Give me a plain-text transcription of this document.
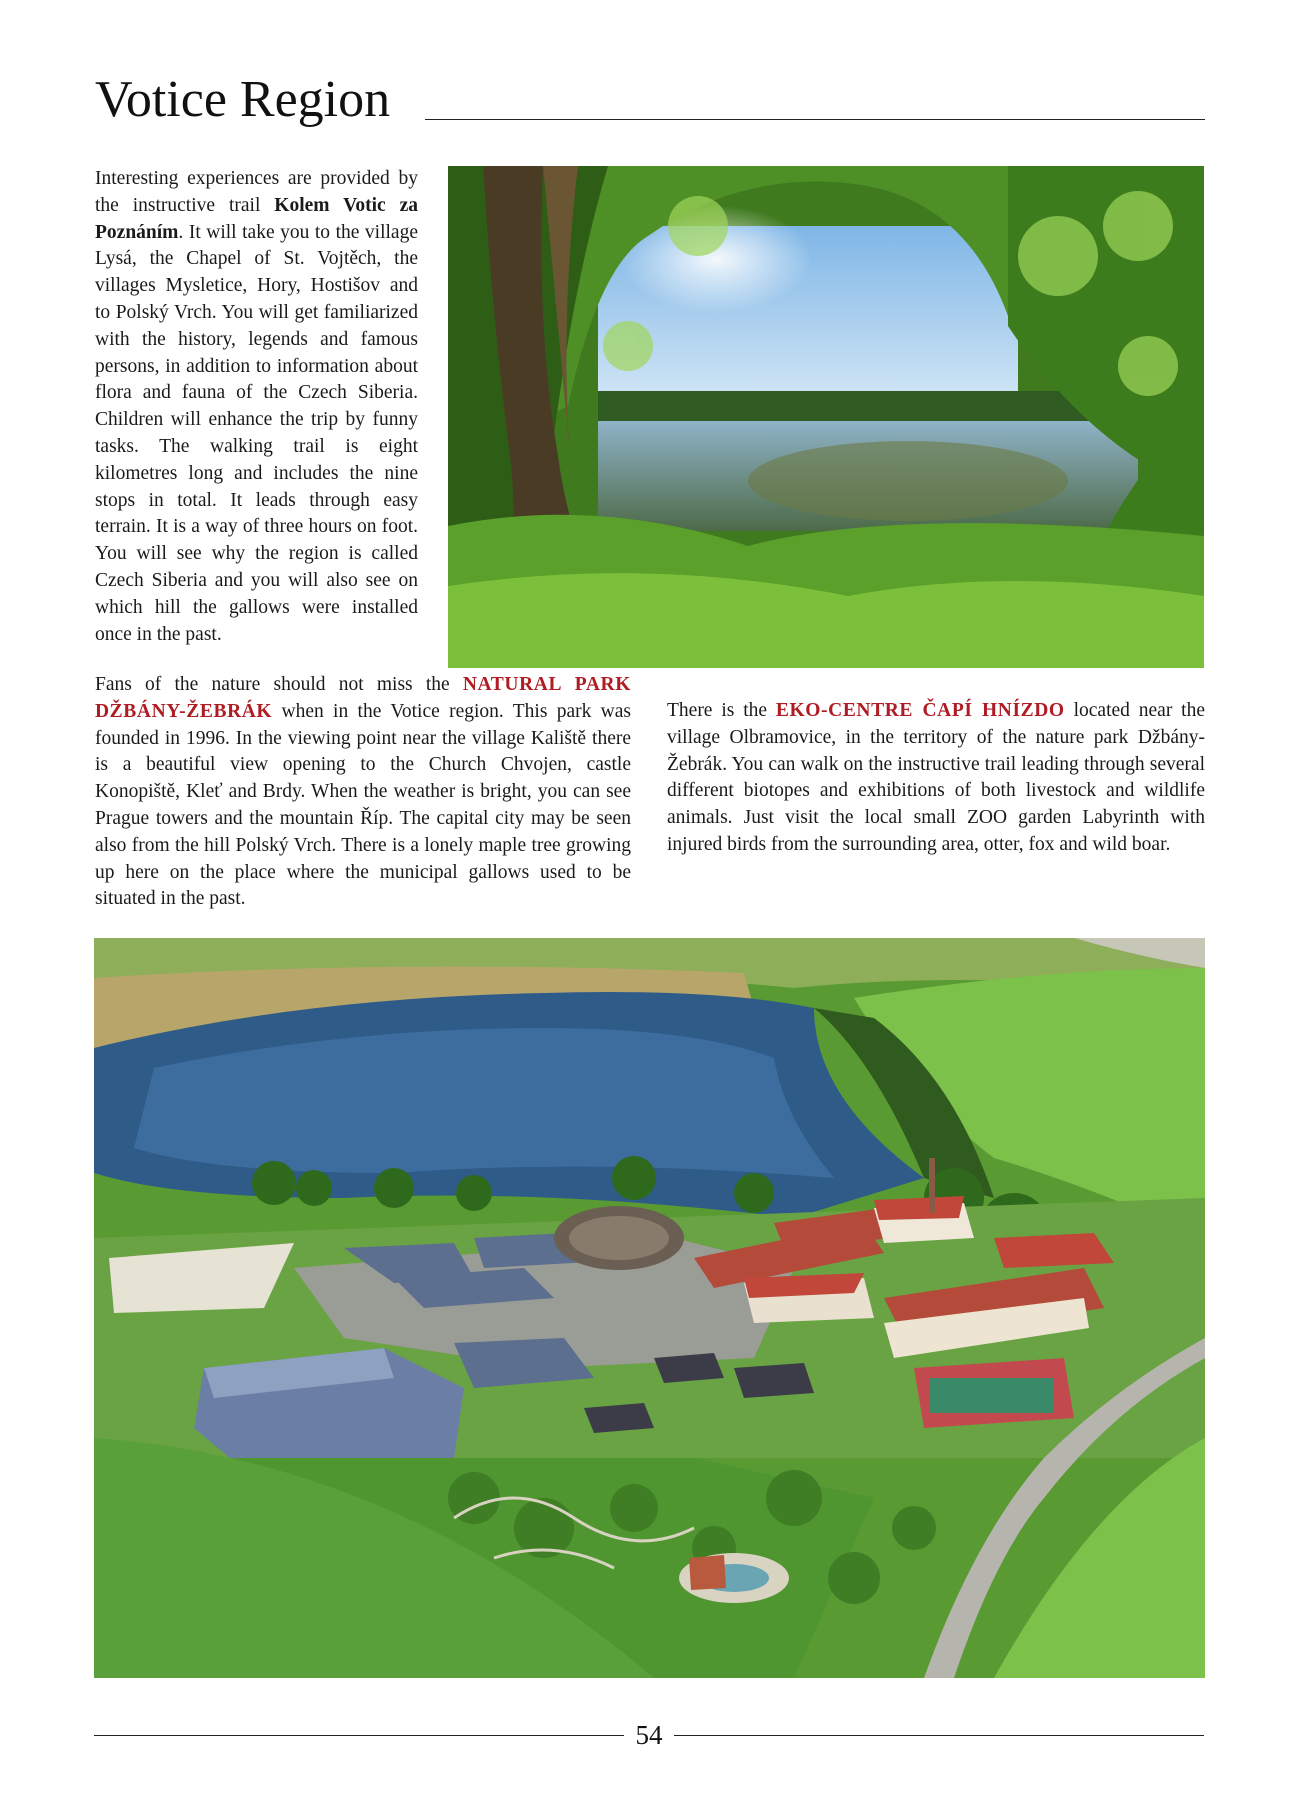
Votice Region

Interesting experiences are provided by the instructive trail Kolem Votic za Poznáním. It will take you to the village Lysá, the Chapel of St. Vojtěch, the villages Mysletice, Hory, Hostišov and to Polský Vrch. You will get familiarized with the history, legends and famous persons, in addition to information about flora and fauna of the Czech Siberia. Children will enhance the trip by funny tasks. The walking trail is eight kilometres long and includes the nine stops in total. It leads through easy terrain. It is a way of three hours on foot. You will see why the region is called Czech Siberia and you will also see on which hill the gallows were installed once in the past.

Fans of the nature should not miss the NATURAL PARK DŽBÁNY-ŽEBRÁK when in the Votice region. This park was founded in 1996. In the viewing point near the village Kaliště there is a beautiful view opening to the Church Chvojen, castle Konopiště, Kleť and Brdy. When the weather is bright, you can see Prague towers and the mountain Říp. The capital city may be seen also from the hill Polský Vrch. There is a lonely maple tree growing up here on the place where the municipal gallows used to be situated in the past.

There is the EKO-CENTRE ČAPÍ HNÍZDO located near the village Olbramovice, in the territory of the nature park Džbány-Žebrák. You can walk on the instructive trail leading through several different biotopes and exhibitions of both livestock and wildlife animals. Just visit the local small ZOO garden Labyrinth with injured birds from the surrounding area, otter, fox and wild boar.

54
